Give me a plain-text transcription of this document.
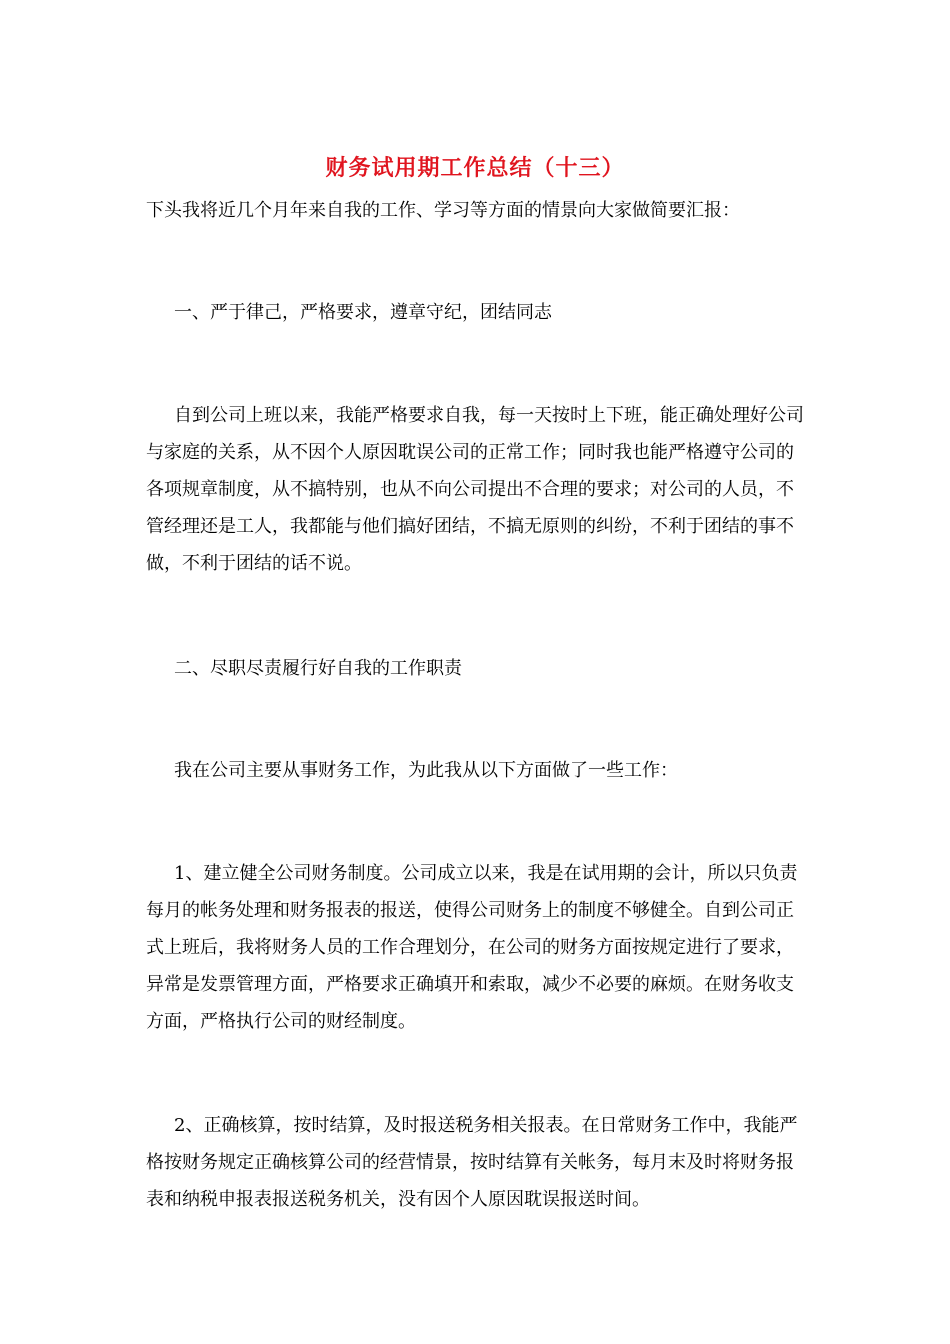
财务试用期工作总结（十三）

下头我将近几个月年来自我的工作、学习等方面的情景向大家做简要汇报：

一、严于律己，严格要求，遵章守纪，团结同志

自到公司上班以来，我能严格要求自我，每一天按时上下班，能正确处理好公司与家庭的关系，从不因个人原因耽误公司的正常工作；同时我也能严格遵守公司的各项规章制度，从不搞特别，也从不向公司提出不合理的要求；对公司的人员，不管经理还是工人，我都能与他们搞好团结，不搞无原则的纠纷，不利于团结的事不做，不利于团结的话不说。

二、尽职尽责履行好自我的工作职责

我在公司主要从事财务工作，为此我从以下方面做了一些工作：

1、建立健全公司财务制度。公司成立以来，我是在试用期的会计，所以只负责每月的帐务处理和财务报表的报送，使得公司财务上的制度不够健全。自到公司正式上班后，我将财务人员的工作合理划分，在公司的财务方面按规定进行了要求，异常是发票管理方面，严格要求正确填开和索取，减少不必要的麻烦。在财务收支方面，严格执行公司的财经制度。

2、正确核算，按时结算，及时报送税务相关报表。在日常财务工作中，我能严格按财务规定正确核算公司的经营情景，按时结算有关帐务，每月末及时将财务报表和纳税申报表报送税务机关，没有因个人原因耽误报送时间。
